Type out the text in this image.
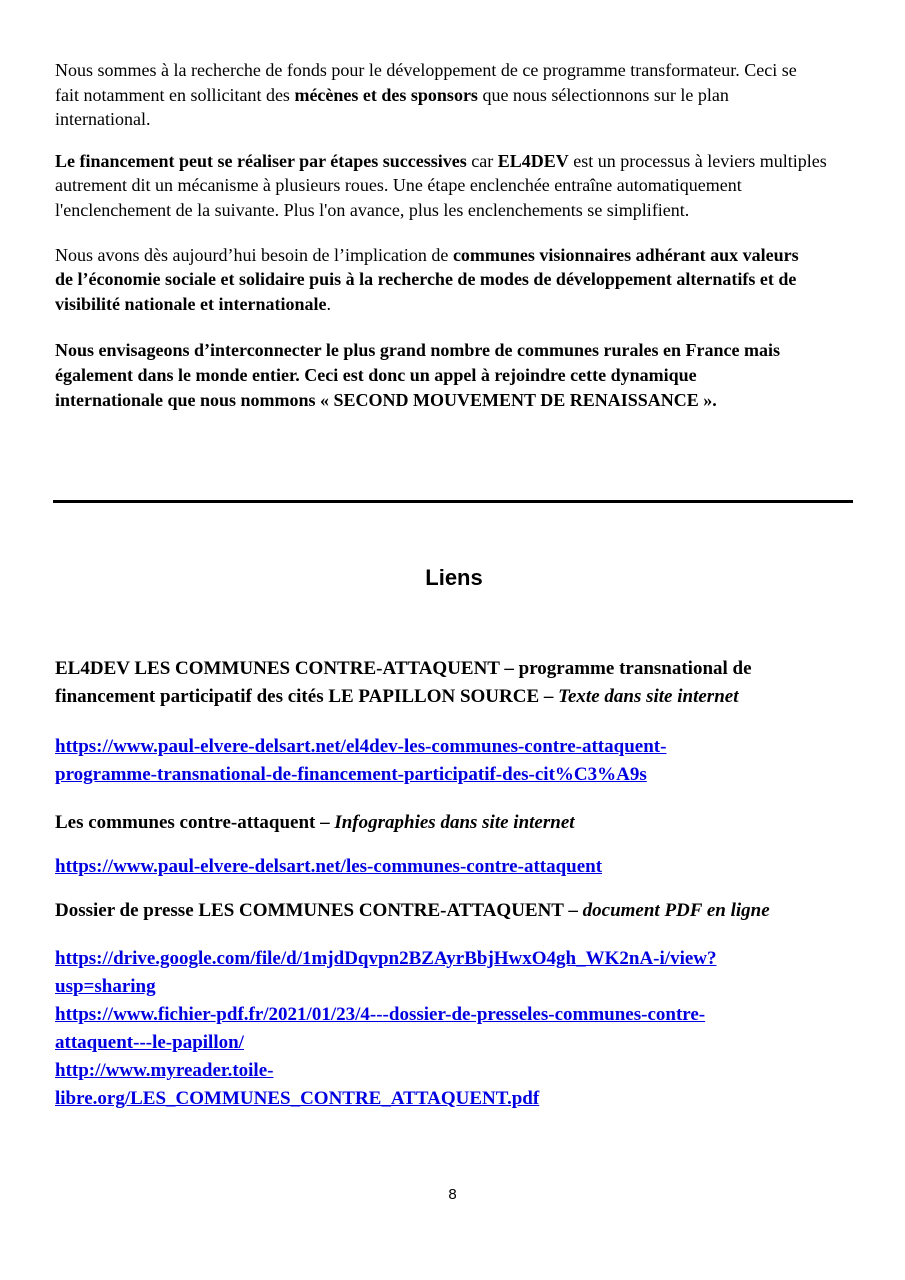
Nous sommes à la recherche de fonds pour le développement de ce programme transformateur. Ceci se fait notamment en sollicitant des mécènes et des sponsors que nous sélectionnons sur le plan international.

Le financement peut se réaliser par étapes successives car EL4DEV est un processus à leviers multiples autrement dit un mécanisme à plusieurs roues. Une étape enclenchée entraîne automatiquement l'enclenchement de la suivante. Plus l'on avance, plus les enclenchements se simplifient.

Nous avons dès aujourd’hui besoin de l’implication de communes visionnaires adhérant aux valeurs de l’économie sociale et solidaire puis à la recherche de modes de développement alternatifs et de visibilité nationale et internationale.

Nous envisageons d’interconnecter le plus grand nombre de communes rurales en France mais également dans le monde entier. Ceci est donc un appel à rejoindre cette dynamique internationale que nous nommons « SECOND MOUVEMENT DE RENAISSANCE ».

Liens

EL4DEV LES COMMUNES CONTRE-ATTAQUENT – programme transnational de financement participatif des cités LE PAPILLON SOURCE – Texte dans site internet

https://www.paul-elvere-delsart.net/el4dev-les-communes-contre-attaquent-programme-transnational-de-financement-participatif-des-cit%C3%A9s

Les communes contre-attaquent – Infographies dans site internet

https://www.paul-elvere-delsart.net/les-communes-contre-attaquent

Dossier de presse LES COMMUNES CONTRE-ATTAQUENT – document PDF en ligne

https://drive.google.com/file/d/1mjdDqvpn2BZAyrBbjHwxO4gh_WK2nA-i/view?usp=sharing
https://www.fichier-pdf.fr/2021/01/23/4---dossier-de-presseles-communes-contre-attaquent---le-papillon/
http://www.myreader.toile-libre.org/LES_COMMUNES_CONTRE_ATTAQUENT.pdf
8
